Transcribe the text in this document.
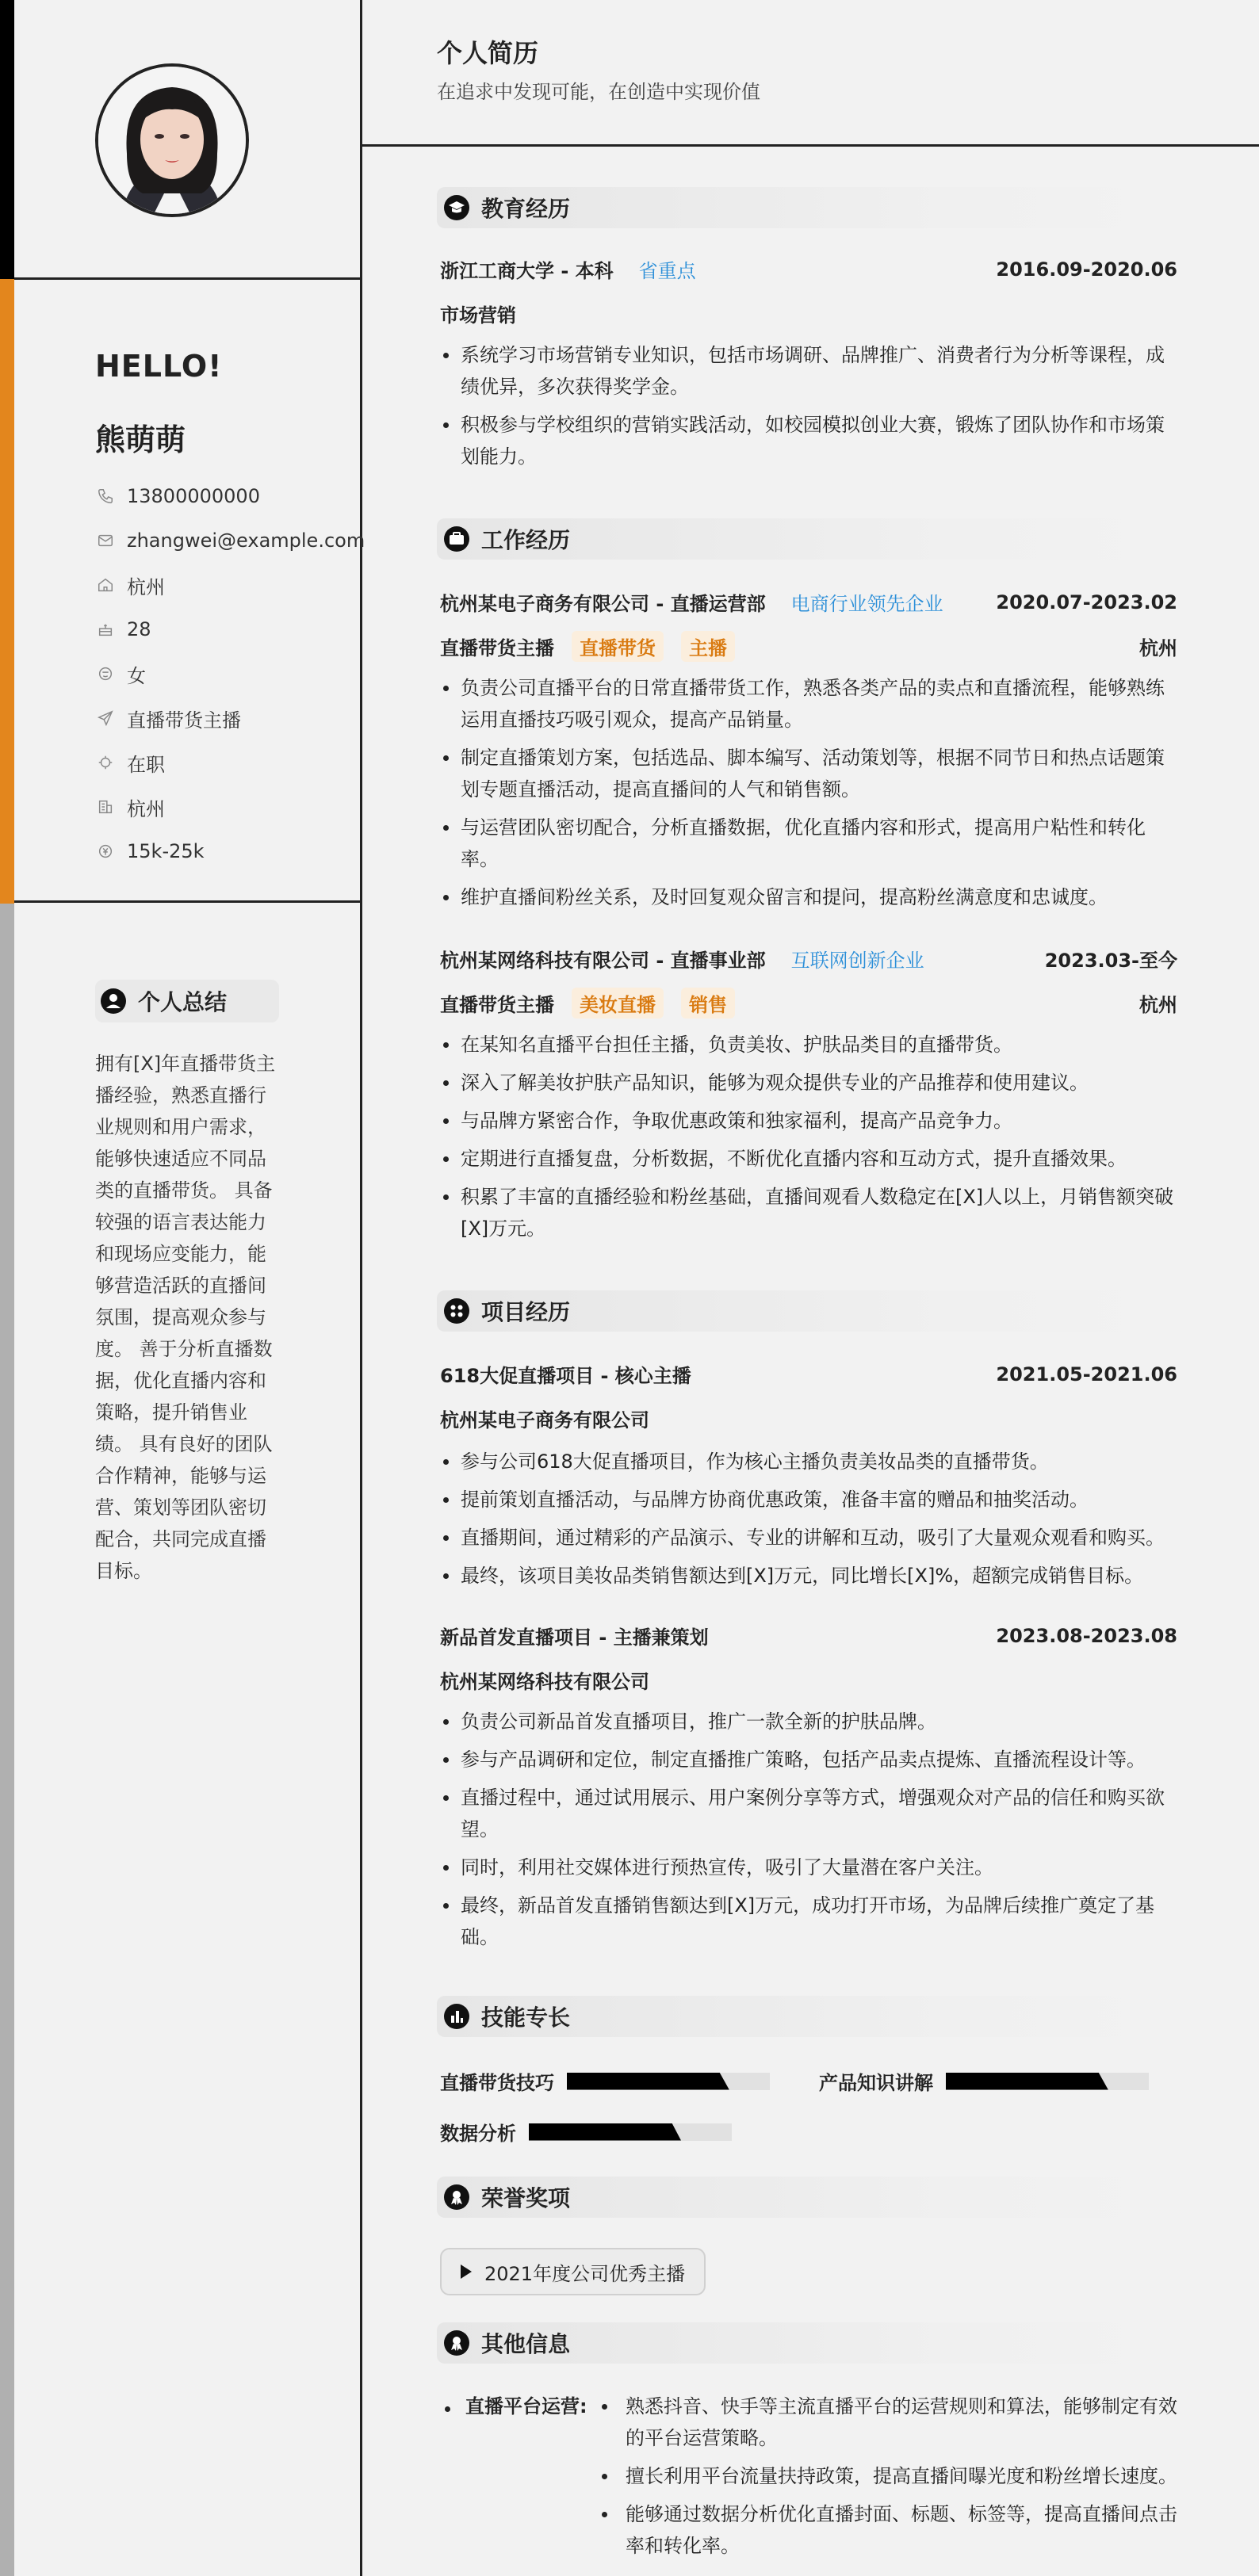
HELLO!
熊萌萌
13800000000
zhangwei@example.com
杭州
28
女
直播带货主播
在职
杭州
15k-25k
个人总结

拥有[X]年直播带货主播经验，熟悉直播行业规则和用户需求，能够快速适应不同品类的直播带货。 具备较强的语言表达能力和现场应变能力，能够营造活跃的直播间氛围，提高观众参与度。 善于分析直播数据，优化直播内容和策略，提升销售业绩。 具有良好的团队合作精神，能够与运营、策划等团队密切配合，共同完成直播目标。

个人简历
在追求中发现可能，在创造中实现价值
教育经历
浙江工商大学 - 本科 省重点	2016.09-2020.06
市场营销
系统学习市场营销专业知识，包括市场调研、品牌推广、消费者行为分析等课程，成绩优异，多次获得奖学金。
积极参与学校组织的营销实践活动，如校园模拟创业大赛，锻炼了团队协作和市场策划能力。
工作经历
杭州某电子商务有限公司 - 直播运营部 电商行业领先企业	2020.07-2023.02
直播带货主播	直播带货	主播	杭州
负责公司直播平台的日常直播带货工作，熟悉各类产品的卖点和直播流程，能够熟练运用直播技巧吸引观众，提高产品销量。
制定直播策划方案，包括选品、脚本编写、活动策划等，根据不同节日和热点话题策划专题直播活动，提高直播间的人气和销售额。
与运营团队密切配合，分析直播数据，优化直播内容和形式，提高用户粘性和转化率。
维护直播间粉丝关系，及时回复观众留言和提问，提高粉丝满意度和忠诚度。
杭州某网络科技有限公司 - 直播事业部 互联网创新企业	2023.03-至今
直播带货主播	美妆直播	销售	杭州
在某知名直播平台担任主播，负责美妆、护肤品类目的直播带货。
深入了解美妆护肤产品知识，能够为观众提供专业的产品推荐和使用建议。
与品牌方紧密合作，争取优惠政策和独家福利，提高产品竞争力。
定期进行直播复盘，分析数据，不断优化直播内容和互动方式，提升直播效果。
积累了丰富的直播经验和粉丝基础，直播间观看人数稳定在[X]人以上，月销售额突破[X]万元。
项目经历
618大促直播项目 - 核心主播	2021.05-2021.06
杭州某电子商务有限公司
参与公司618大促直播项目，作为核心主播负责美妆品类的直播带货。
提前策划直播活动，与品牌方协商优惠政策，准备丰富的赠品和抽奖活动。
直播期间，通过精彩的产品演示、专业的讲解和互动，吸引了大量观众观看和购买。
最终，该项目美妆品类销售额达到[X]万元，同比增长[X]%，超额完成销售目标。
新品首发直播项目 - 主播兼策划	2023.08-2023.08
杭州某网络科技有限公司
负责公司新品首发直播项目，推广一款全新的护肤品牌。
参与产品调研和定位，制定直播推广策略，包括产品卖点提炼、直播流程设计等。
直播过程中，通过试用展示、用户案例分享等方式，增强观众对产品的信任和购买欲望。
同时，利用社交媒体进行预热宣传，吸引了大量潜在客户关注。
最终，新品首发直播销售额达到[X]万元，成功打开市场，为品牌后续推广奠定了基础。
技能专长
直播带货技巧	产品知识讲解
数据分析
荣誉奖项
2021年度公司优秀主播
其他信息
直播平台运营:	熟悉抖音、快手等主流直播平台的运营规则和算法，能够制定有效的平台运营策略。
擅长利用平台流量扶持政策，提高直播间曝光度和粉丝增长速度。
能够通过数据分析优化直播封面、标题、标签等，提高直播间点击率和转化率。
